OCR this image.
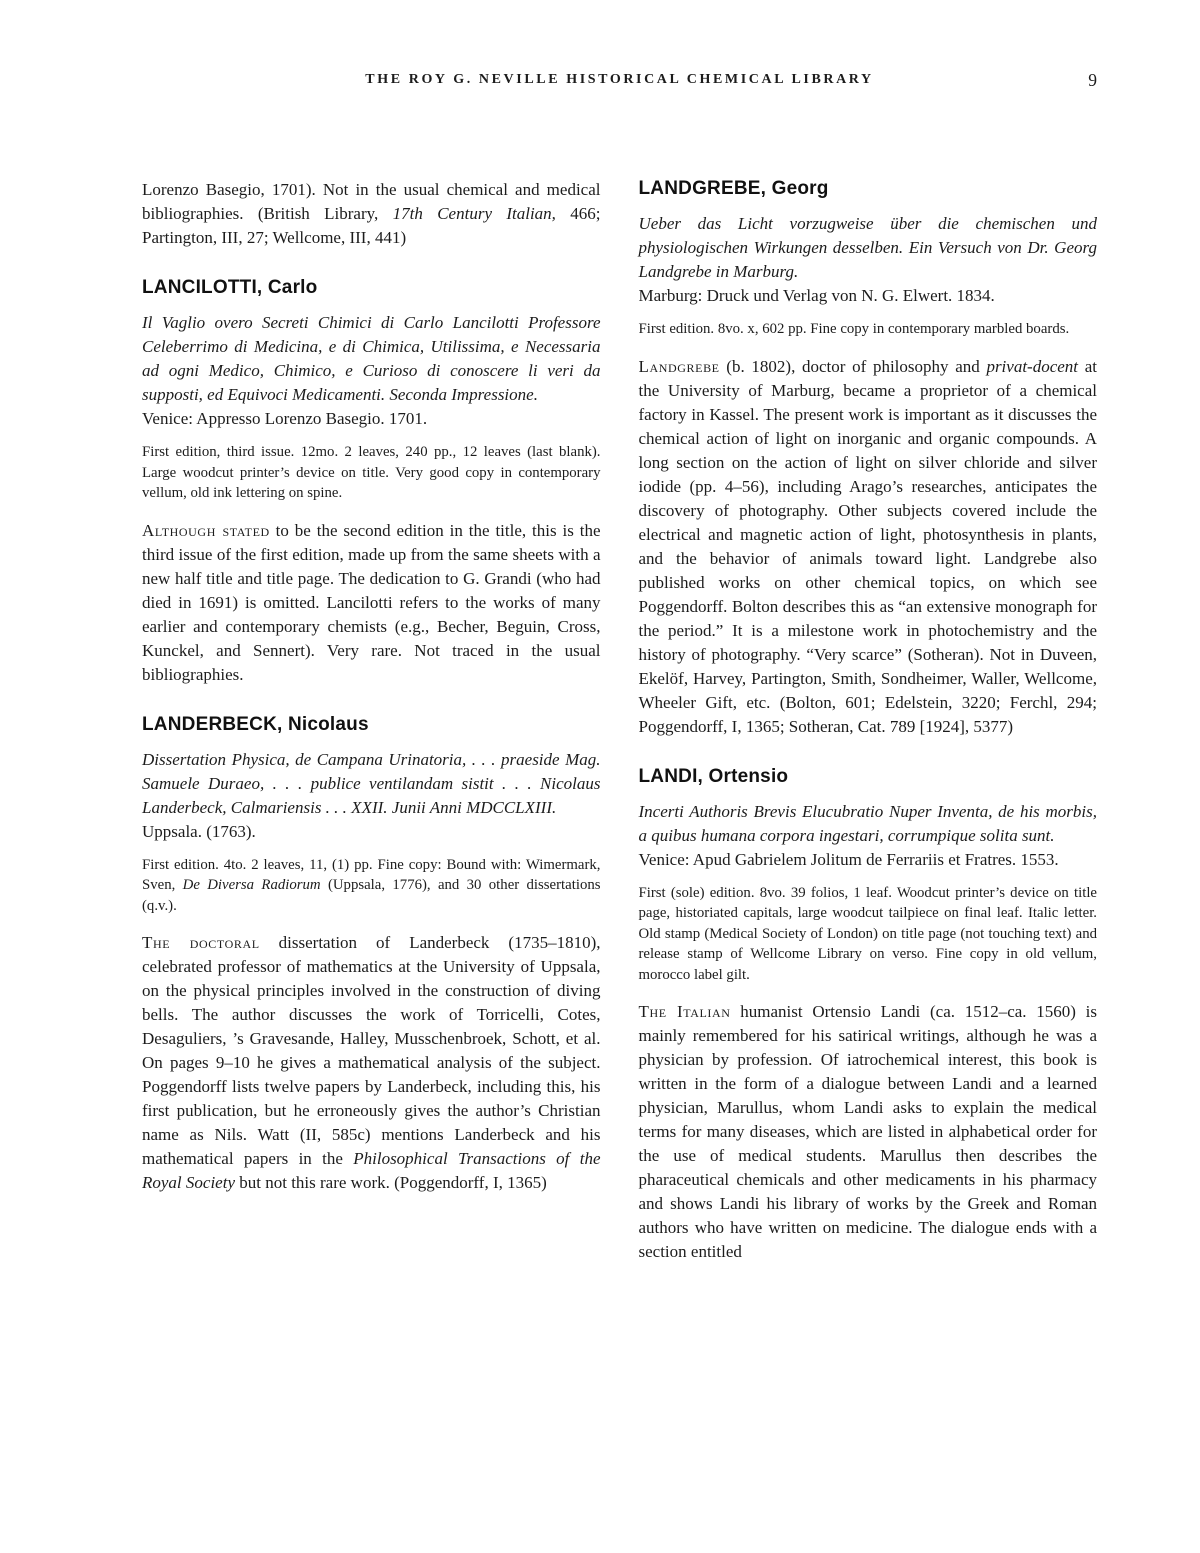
THE ROY G. NEVILLE HISTORICAL CHEMICAL LIBRARY	9

Lorenzo Basegio, 1701). Not in the usual chemical and medical bibliographies. (British Library, 17th Century Italian, 466; Partington, III, 27; Wellcome, III, 441)

LANCILOTTI, Carlo

Il Vaglio overo Secreti Chimici di Carlo Lancilotti Professore Celeberrimo di Medicina, e di Chimica, Utilissima, e Necessaria ad ogni Medico, Chimico, e Curioso di conoscere li veri da supposti, ed Equivoci Medicamenti. Seconda Impressione.

Venice: Appresso Lorenzo Basegio. 1701.

First edition, third issue. 12mo. 2 leaves, 240 pp., 12 leaves (last blank). Large woodcut printer’s device on title. Very good copy in contemporary vellum, old ink lettering on spine.

Although stated to be the second edition in the title, this is the third issue of the first edition, made up from the same sheets with a new half title and title page. The dedication to G. Grandi (who had died in 1691) is omitted. Lancilotti refers to the works of many earlier and contemporary chemists (e.g., Becher, Beguin, Cross, Kunckel, and Sennert). Very rare. Not traced in the usual bibliographies.

LANDERBECK, Nicolaus

Dissertation Physica, de Campana Urinatoria, . . . praeside Mag. Samuele Duraeo, . . . publice ventilandam sistit . . . Nicolaus Landerbeck, Calmariensis . . . XXII. Junii Anni MDCCLXIII.

Uppsala. (1763).

First edition. 4to. 2 leaves, 11, (1) pp. Fine copy: Bound with: Wimermark, Sven, De Diversa Radiorum (Uppsala, 1776), and 30 other dissertations (q.v.).

The doctoral dissertation of Landerbeck (1735–1810), celebrated professor of mathematics at the University of Uppsala, on the physical principles involved in the construction of diving bells. The author discusses the work of Torricelli, Cotes, Desaguliers, ’s Gravesande, Halley, Musschenbroek, Schott, et al. On pages 9–10 he gives a mathematical analysis of the subject. Poggendorff lists twelve papers by Landerbeck, including this, his first publication, but he erroneously gives the author’s Christian name as Nils. Watt (II, 585c) mentions Landerbeck and his mathematical papers in the Philosophical Transactions of the Royal Society but not this rare work. (Poggendorff, I, 1365)

LANDGREBE, Georg

Ueber das Licht vorzugweise über die chemischen und physiologischen Wirkungen desselben. Ein Versuch von Dr. Georg Landgrebe in Marburg.

Marburg: Druck und Verlag von N. G. Elwert. 1834.

First edition. 8vo. x, 602 pp. Fine copy in contemporary marbled boards.

Landgrebe (b. 1802), doctor of philosophy and privat-docent at the University of Marburg, became a proprietor of a chemical factory in Kassel. The present work is important as it discusses the chemical action of light on inorganic and organic compounds. A long section on the action of light on silver chloride and silver iodide (pp. 4–56), including Arago’s researches, anticipates the discovery of photography. Other subjects covered include the electrical and magnetic action of light, photosynthesis in plants, and the behavior of animals toward light. Landgrebe also published works on other chemical topics, on which see Poggendorff. Bolton describes this as “an extensive monograph for the period.” It is a milestone work in photochemistry and the history of photography. “Very scarce” (Sotheran). Not in Duveen, Ekelöf, Harvey, Partington, Smith, Sondheimer, Waller, Wellcome, Wheeler Gift, etc. (Bolton, 601; Edelstein, 3220; Ferchl, 294; Poggendorff, I, 1365; Sotheran, Cat. 789 [1924], 5377)

LANDI, Ortensio

Incerti Authoris Brevis Elucubratio Nuper Inventa, de his morbis, a quibus humana corpora ingestari, corrumpique solita sunt.

Venice: Apud Gabrielem Jolitum de Ferrariis et Fratres. 1553.

First (sole) edition. 8vo. 39 folios, 1 leaf. Woodcut printer’s device on title page, historiated capitals, large woodcut tailpiece on final leaf. Italic letter. Old stamp (Medical Society of London) on title page (not touching text) and release stamp of Wellcome Library on verso. Fine copy in old vellum, morocco label gilt.

The Italian humanist Ortensio Landi (ca. 1512–ca. 1560) is mainly remembered for his satirical writings, although he was a physician by profession. Of iatrochemical interest, this book is written in the form of a dialogue between Landi and a learned physician, Marullus, whom Landi asks to explain the medical terms for many diseases, which are listed in alphabetical order for the use of medical students. Marullus then describes the pharaceutical chemicals and other medicaments in his pharmacy and shows Landi his library of works by the Greek and Roman authors who have written on medicine. The dialogue ends with a section entitled
